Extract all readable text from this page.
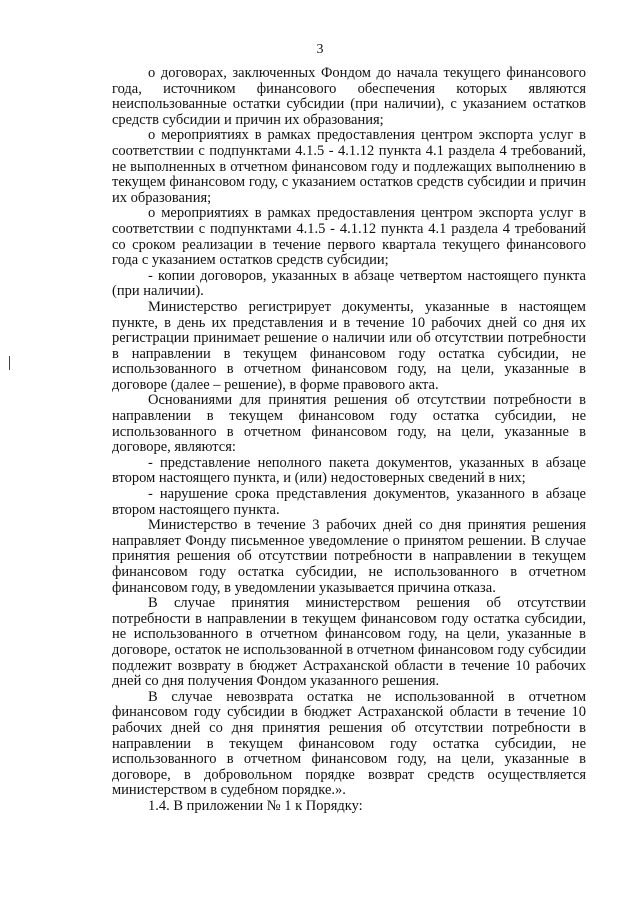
3

о договорах, заключенных Фондом до начала текущего финансового года, источником финансового обеспечения которых являются неиспользованные остатки субсидии (при наличии), с указанием остатков средств субсидии и причин их образования;

о мероприятиях в рамках предоставления центром экспорта услуг в соответствии с подпунктами 4.1.5 - 4.1.12 пункта 4.1 раздела 4 требований, не выполненных в отчетном финансовом году и подлежащих выполнению в текущем финансовом году, с указанием остатков средств субсидии и причин их образования;

о мероприятиях в рамках предоставления центром экспорта услуг в соответствии с подпунктами 4.1.5 - 4.1.12 пункта 4.1 раздела 4 требований со сроком реализации в течение первого квартала текущего финансового года с указанием остатков средств субсидии;

- копии договоров, указанных в абзаце четвертом настоящего пункта (при наличии).

Министерство регистрирует документы, указанные в настоящем пункте, в день их представления и в течение 10 рабочих дней со дня их регистрации принимает решение о наличии или об отсутствии потребности в направлении в текущем финансовом году остатка субсидии, не использованного в отчетном финансовом году, на цели, указанные в договоре (далее – решение), в форме правового акта.

Основаниями для принятия решения об отсутствии потребности в направлении в текущем финансовом году остатка субсидии, не использованного в отчетном финансовом году, на цели, указанные в договоре, являются:

- представление неполного пакета документов, указанных в абзаце втором настоящего пункта, и (или) недостоверных сведений в них;

- нарушение срока представления документов, указанного в абзаце втором настоящего пункта.

Министерство в течение 3 рабочих дней со дня принятия решения направляет Фонду письменное уведомление о принятом решении. В случае принятия решения об отсутствии потребности в направлении в текущем финансовом году остатка субсидии, не использованного в отчетном финансовом году, в уведомлении указывается причина отказа.

В случае принятия министерством решения об отсутствии потребности в направлении в текущем финансовом году остатка субсидии, не использованного в отчетном финансовом году, на цели, указанные в договоре, остаток не использованной в отчетном финансовом году субсидии подлежит возврату в бюджет Астраханской области в течение 10 рабочих дней со дня получения Фондом указанного решения.

В случае невозврата остатка не использованной в отчетном финансовом году субсидии в бюджет Астраханской области в течение 10 рабочих дней со дня принятия решения об отсутствии потребности в направлении в текущем финансовом году остатка субсидии, не использованного в отчетном финансовом году, на цели, указанные в договоре, в добровольном порядке возврат средств осуществляется министерством в судебном порядке.».

1.4. В приложении № 1 к Порядку:
